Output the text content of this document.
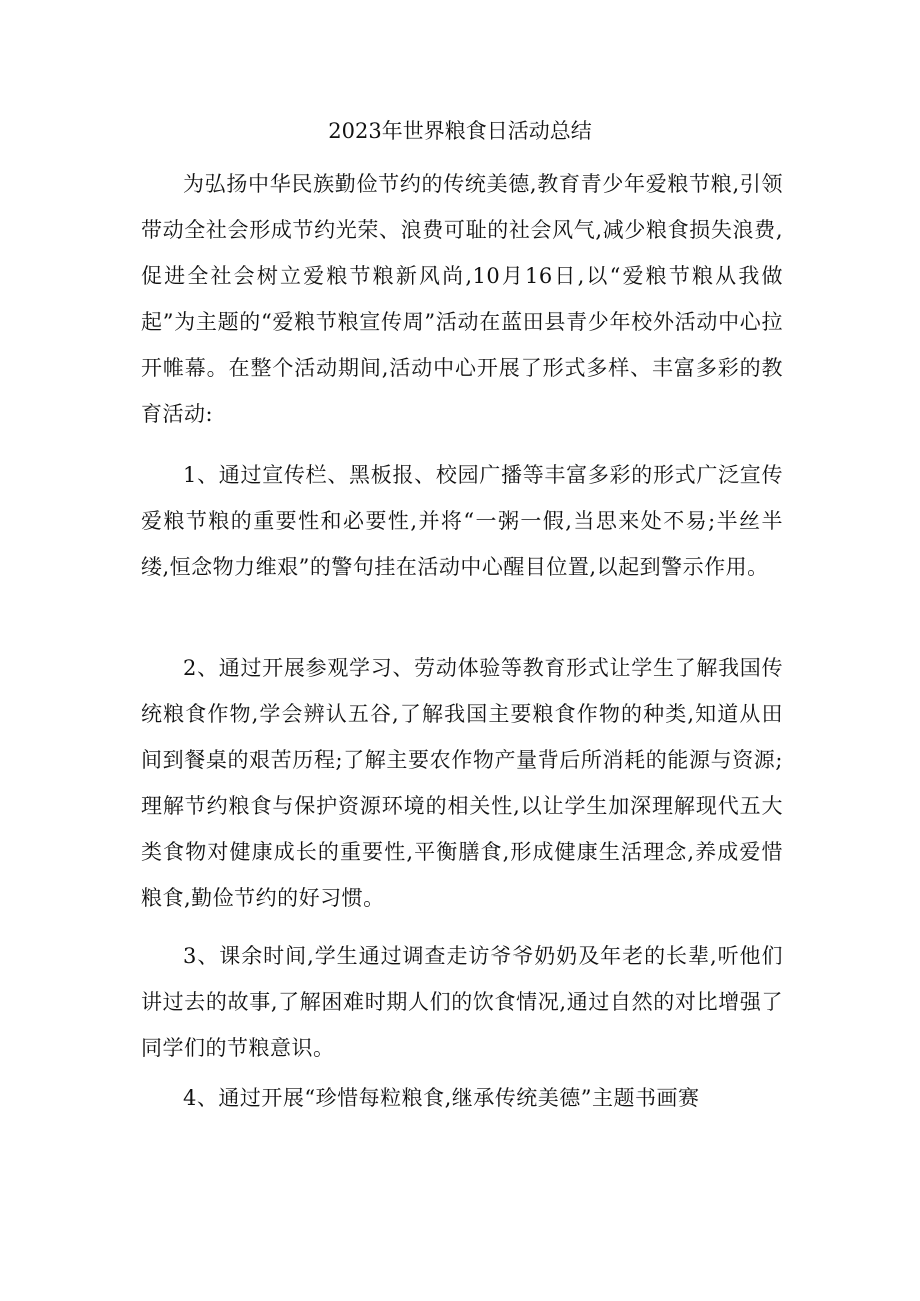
2023年世界粮食日活动总结

为弘扬中华民族勤俭节约的传统美德,教育青少年爱粮节粮,引领带动全社会形成节约光荣、浪费可耻的社会风气,减少粮食损失浪费,促进全社会树立爱粮节粮新风尚,10月16日,以“爱粮节粮从我做起”为主题的“爱粮节粮宣传周”活动在蓝田县青少年校外活动中心拉开帷幕。在整个活动期间,活动中心开展了形式多样、丰富多彩的教育活动:

1、通过宣传栏、黑板报、校园广播等丰富多彩的形式广泛宣传爱粮节粮的重要性和必要性,并将“一粥一假,当思来处不易;半丝半缕,恒念物力维艰”的警句挂在活动中心醒目位置,以起到警示作用。

2、通过开展参观学习、劳动体验等教育形式让学生了解我国传统粮食作物,学会辨认五谷,了解我国主要粮食作物的种类,知道从田间到餐桌的艰苦历程;了解主要农作物产量背后所消耗的能源与资源;理解节约粮食与保护资源环境的相关性,以让学生加深理解现代五大类食物对健康成长的重要性,平衡膳食,形成健康生活理念,养成爱惜粮食,勤俭节约的好习惯。

3、课余时间,学生通过调查走访爷爷奶奶及年老的长辈,听他们讲过去的故事,了解困难时期人们的饮食情况,通过自然的对比增强了同学们的节粮意识。

4、通过开展“珍惜每粒粮食,继承传统美德”主题书画赛
